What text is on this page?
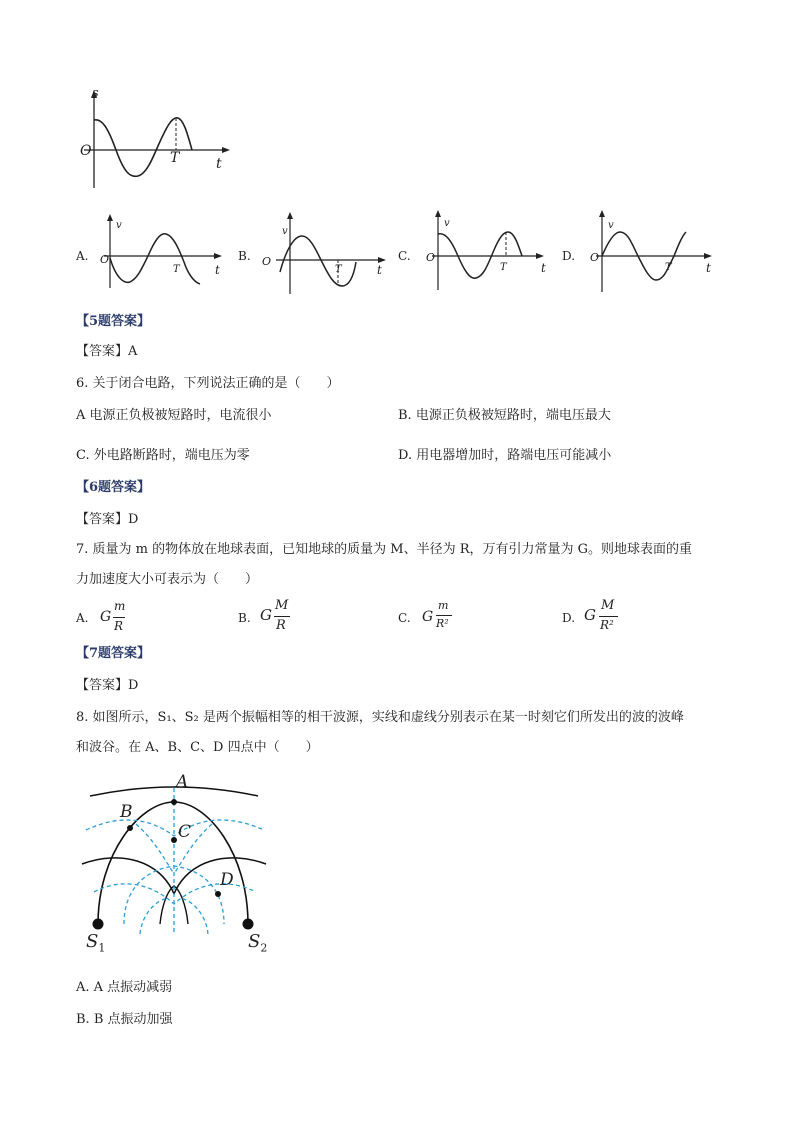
s
O
t
T
A.
v
O
T	t
B.
v
O
T	t
C.
v
O
T	t
D.
v
O
T	t
【5题答案】
【答案】A
6. 关于闭合电路，下列说法正确的是（　　）
A 电源正负极被短路时，电流很小	B. 电源正负极被短路时，端电压最大
C. 外电路断路时，端电压为零	D. 用电器增加时，路端电压可能减小
【6题答案】
【答案】D
7. 质量为 m 的物体放在地球表面，已知地球的质量为 M、半径为 R，万有引力常量为 G。则地球表面的重
力加速度大小可表示为（　　）
A. G
m
R
B. G
M
R	C. G
m
R²	D. G
M
R²
【7题答案】
【答案】D
8. 如图所示，S₁、S₂ 是两个振幅相等的相干波源，实线和虚线分别表示在某一时刻它们所发出的波的波峰
和波谷。在 A、B、C、D 四点中（　　）
A
B
C
D
$S_1$	$S_2$
A. A 点振动减弱
B. B 点振动加强
